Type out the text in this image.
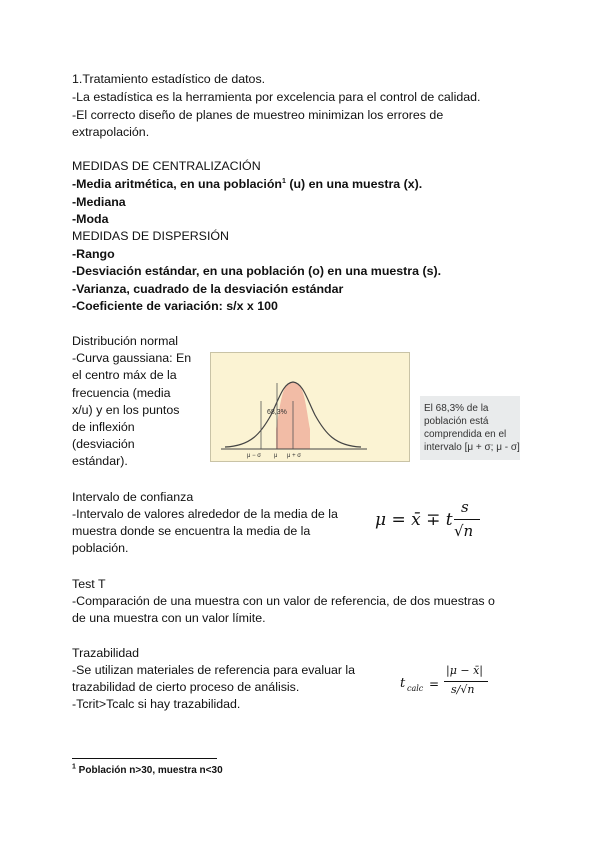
1.Tratamiento estadístico de datos.
-La estadística es la herramienta por excelencia para el control de calidad.
-El correcto diseño de planes de muestreo minimizan los errores de
extrapolación.
MEDIDAS DE CENTRALIZACIÓN
-Media aritmética, en una población$^1$ (u) en una muestra (x).
-Mediana
-Moda
MEDIDAS DE DISPERSIÓN
-Rango
-Desviación estándar, en una población (o) en una muestra (s).
-Varianza, cuadrado de la desviación estándar
-Coeficiente de variación: s/x x 100
Distribución normal
-Curva gaussiana: En
el centro máx de la
frecuencia (media
x/u) y en los puntos
de inflexión
(desviación
estándar).
68,3%
μ − σ μ μ + σ
El 68,3% de la población está comprendida en el intervalo [μ + σ; μ - σ]
Intervalo de confianza
-Intervalo de valores alrededor de la media de la
muestra donde se encuentra la media de la
población.
μ = x̄ ∓ t
s
√n
Test T
-Comparación de una muestra con un valor de referencia, de dos muestras o
de una muestra con un valor límite.
Trazabilidad
-Se utilizan materiales de referencia para evaluar la
trazabilidad de cierto proceso de análisis.
-Tcrit>Tcalc si hay trazabilidad.
t calc =
|μ − x̄|
s/√n
$^1$ Población n>30, muestra n<30
